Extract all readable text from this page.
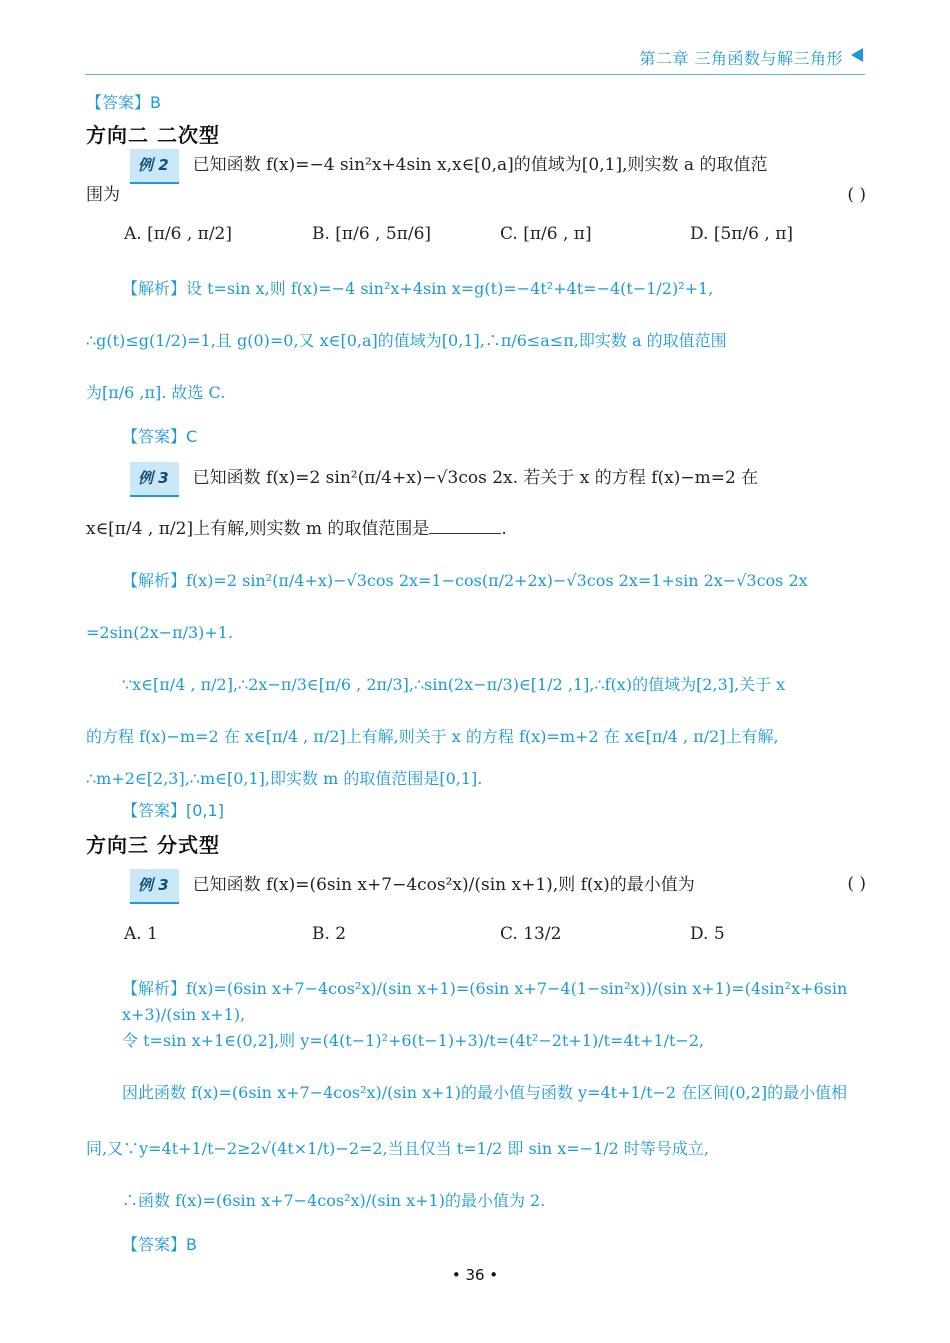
第二章 三角函数与解三角形
【答案】B
方向二 二次型
例 2 已知函数 f(x)=−4 sin²x+4sin x,x∈[0,a]的值域为[0,1],则实数 a 的取值范
围为	( )
A. [π/6 , π/2]	B. [π/6 , 5π/6]	C. [π/6 , π]	D. [5π/6 , π]
【解析】设 t=sin x,则 f(x)=−4 sin²x+4sin x=g(t)=−4t²+4t=−4(t−1/2)²+1,
∴g(t)≤g(1/2)=1,且 g(0)=0,又 x∈[0,a]的值域为[0,1],∴π/6≤a≤π,即实数 a 的取值范围
为[π/6 ,π]. 故选 C.
【答案】C
例 3 已知函数 f(x)=2 sin²(π/4+x)−√3cos 2x. 若关于 x 的方程 f(x)−m=2 在
x∈[π/4 , π/2]上有解,则实数 m 的取值范围是	.
【解析】f(x)=2 sin²(π/4+x)−√3cos 2x=1−cos(π/2+2x)−√3cos 2x=1+sin 2x−√3cos 2x
=2sin(2x−π/3)+1.
∵x∈[π/4 , π/2],∴2x−π/3∈[π/6 , 2π/3],∴sin(2x−π/3)∈[1/2 ,1],∴f(x)的值域为[2,3],关于 x
的方程 f(x)−m=2 在 x∈[π/4 , π/2]上有解,则关于 x 的方程 f(x)=m+2 在 x∈[π/4 , π/2]上有解,
∴m+2∈[2,3],∴m∈[0,1],即实数 m 的取值范围是[0,1].
【答案】[0,1]
方向三 分式型
例 3 已知函数 f(x)=(6sin x+7−4cos²x)/(sin x+1),则 f(x)的最小值为	( )
A. 1	B. 2	C. 13/2	D. 5
【解析】f(x)=(6sin x+7−4cos²x)/(sin x+1)=(6sin x+7−4(1−sin²x))/(sin x+1)=(4sin²x+6sin x+3)/(sin x+1),
令 t=sin x+1∈(0,2],则 y=(4(t−1)²+6(t−1)+3)/t=(4t²−2t+1)/t=4t+1/t−2,
因此函数 f(x)=(6sin x+7−4cos²x)/(sin x+1)的最小值与函数 y=4t+1/t−2 在区间(0,2]的最小值相
同,又∵y=4t+1/t−2≥2√(4t×1/t)−2=2,当且仅当 t=1/2 即 sin x=−1/2 时等号成立,
∴函数 f(x)=(6sin x+7−4cos²x)/(sin x+1)的最小值为 2.
【答案】B
• 36 •
